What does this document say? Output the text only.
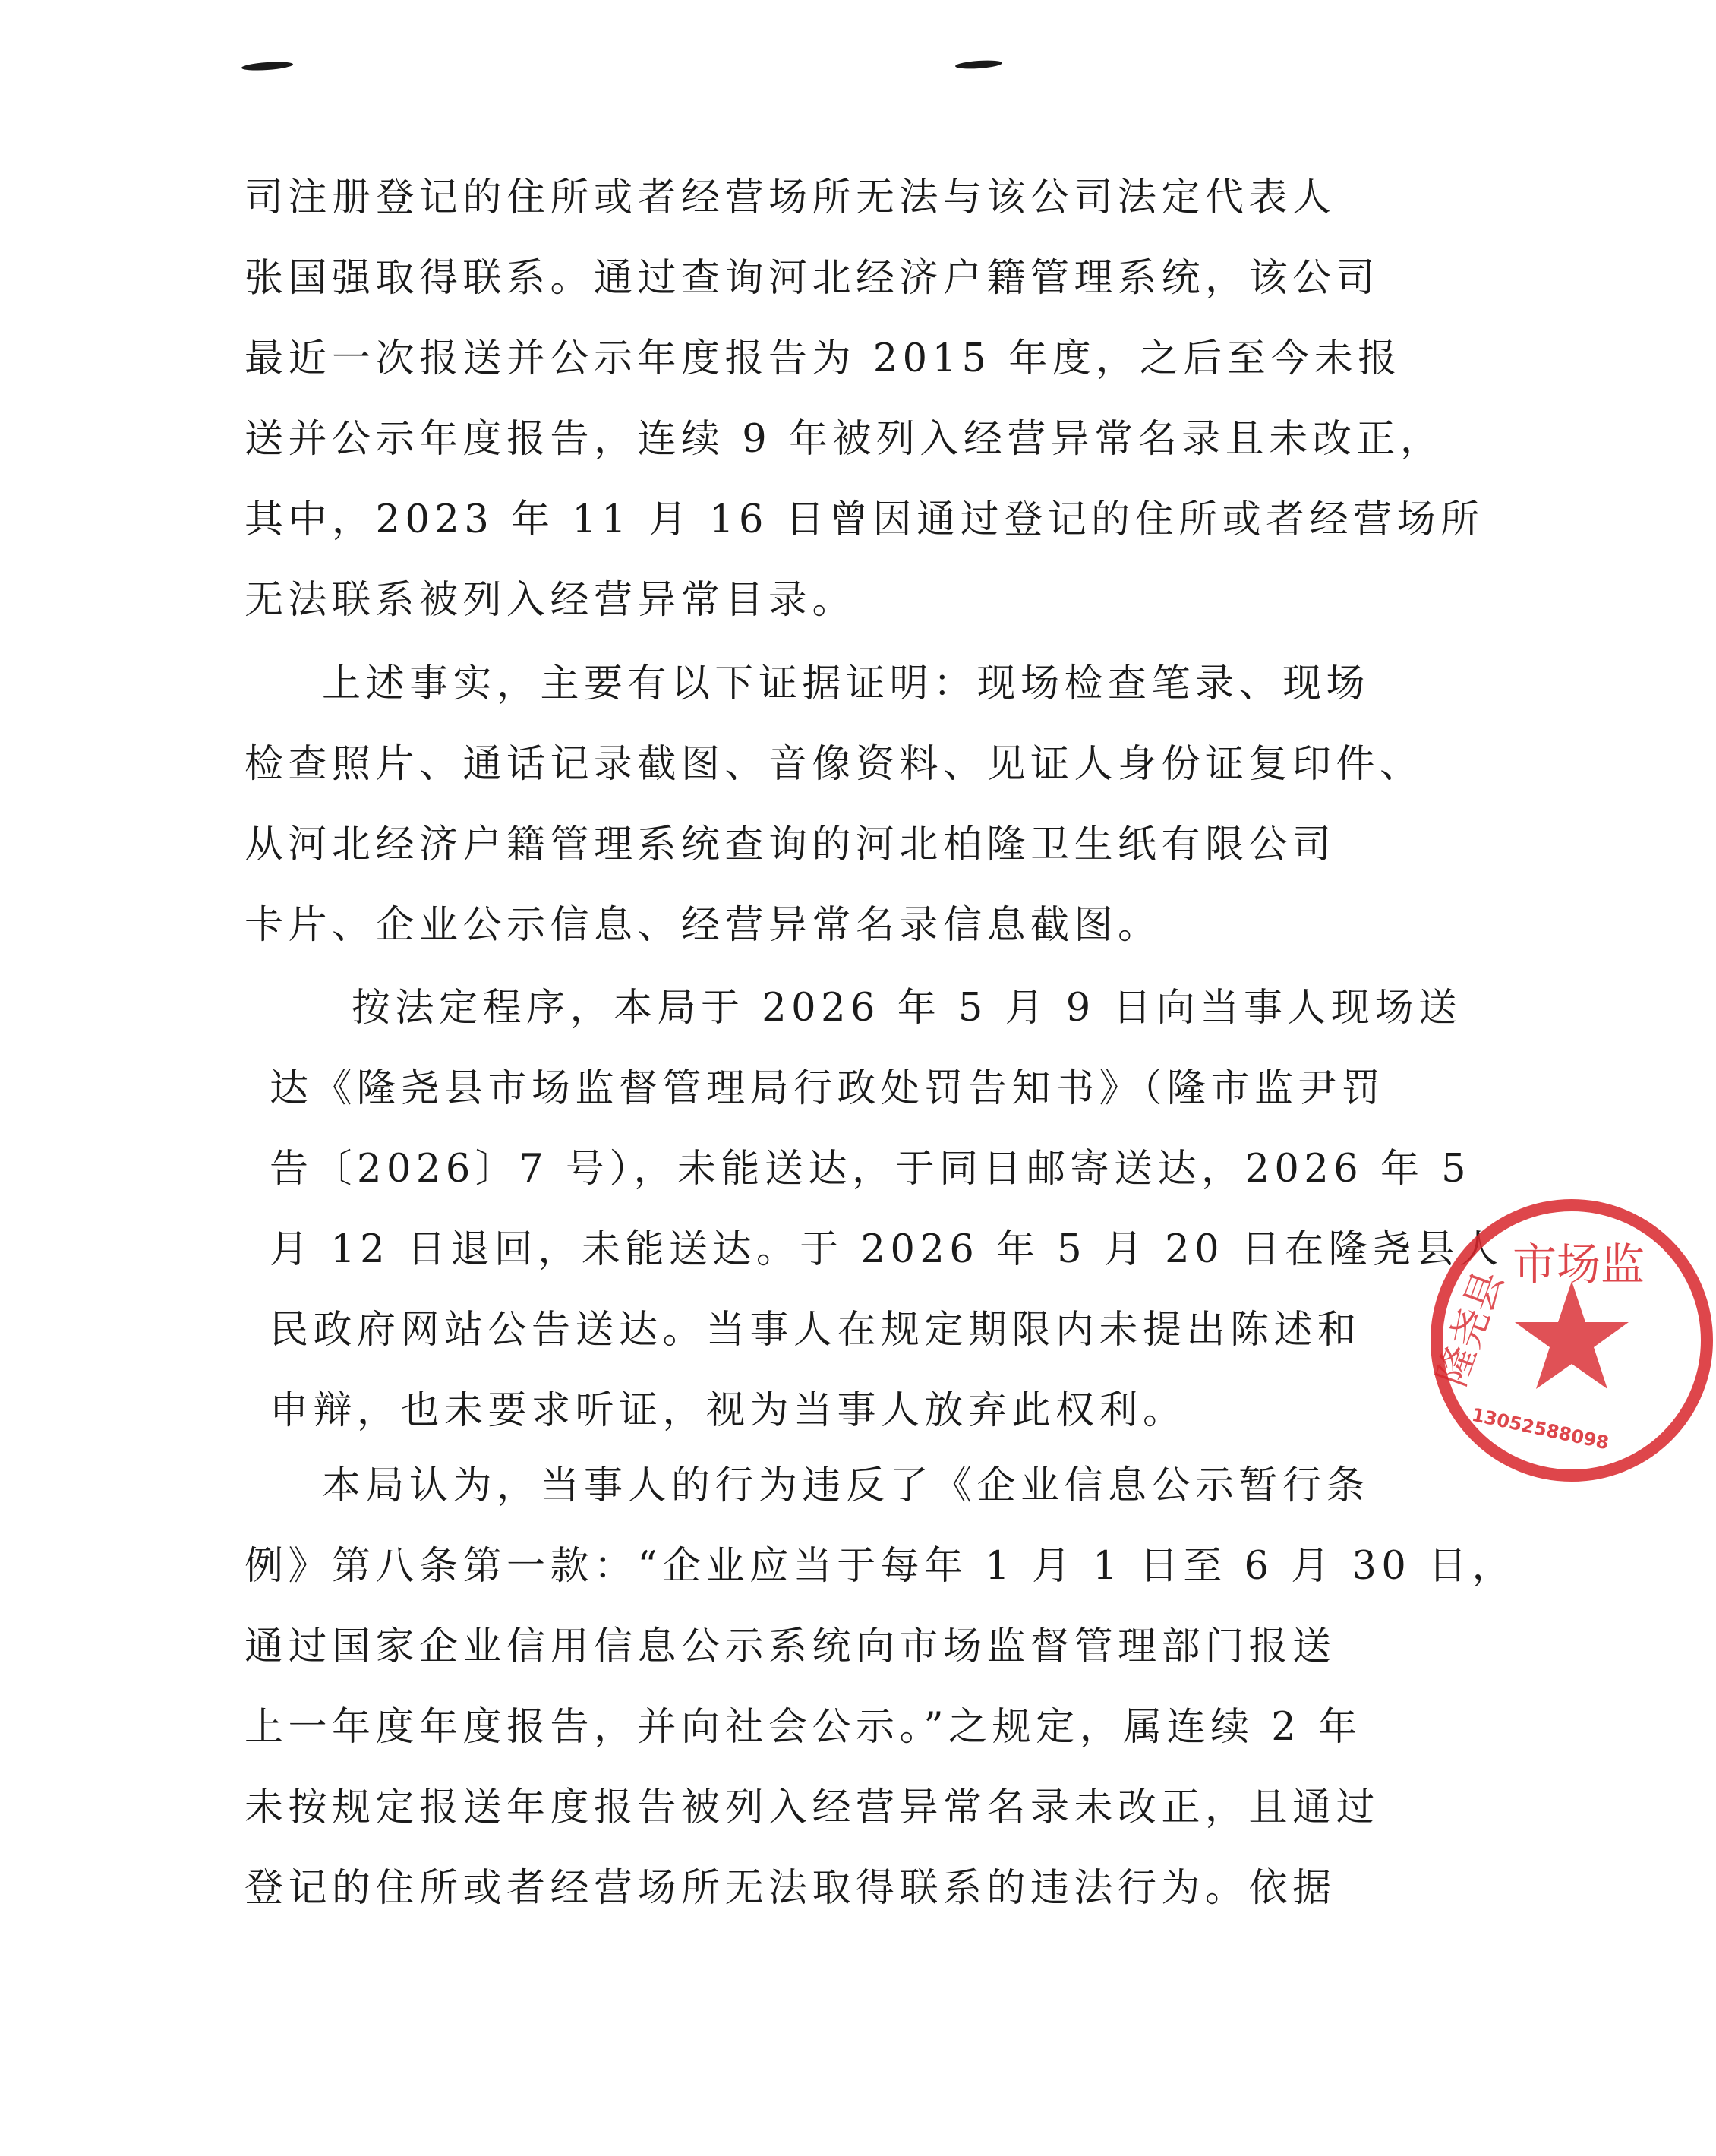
司注册登记的住所或者经营场所无法与该公司法定代表人
张国强取得联系。通过查询河北经济户籍管理系统，该公司
最近一次报送并公示年度报告为 2015 年度，之后至今未报
送并公示年度报告，连续 9 年被列入经营异常名录且未改正，
其中，2023 年 11 月 16 日曾因通过登记的住所或者经营场所
无法联系被列入经营异常目录。
上述事实，主要有以下证据证明：现场检查笔录、现场
检查照片、通话记录截图、音像资料、见证人身份证复印件、
从河北经济户籍管理系统查询的河北柏隆卫生纸有限公司
卡片、企业公示信息、经营异常名录信息截图。
按法定程序，本局于 2026 年 5 月 9 日向当事人现场送
达《隆尧县市场监督管理局行政处罚告知书》（隆市监尹罚
告〔2026〕7 号），未能送达，于同日邮寄送达，2026 年 5
月 12 日退回，未能送达。于 2026 年 5 月 20 日在隆尧县人
民政府网站公告送达。当事人在规定期限内未提出陈述和
申辩，也未要求听证，视为当事人放弃此权利。
本局认为，当事人的行为违反了《企业信息公示暂行条
例》第八条第一款：“企业应当于每年 1 月 1 日至 6 月 30 日，
通过国家企业信用信息公示系统向市场监督管理部门报送
上一年度年度报告，并向社会公示。”之规定，属连续 2 年
未按规定报送年度报告被列入经营异常名录未改正，且通过
登记的住所或者经营场所无法取得联系的违法行为。依据
市场监
隆尧县
13052588098
